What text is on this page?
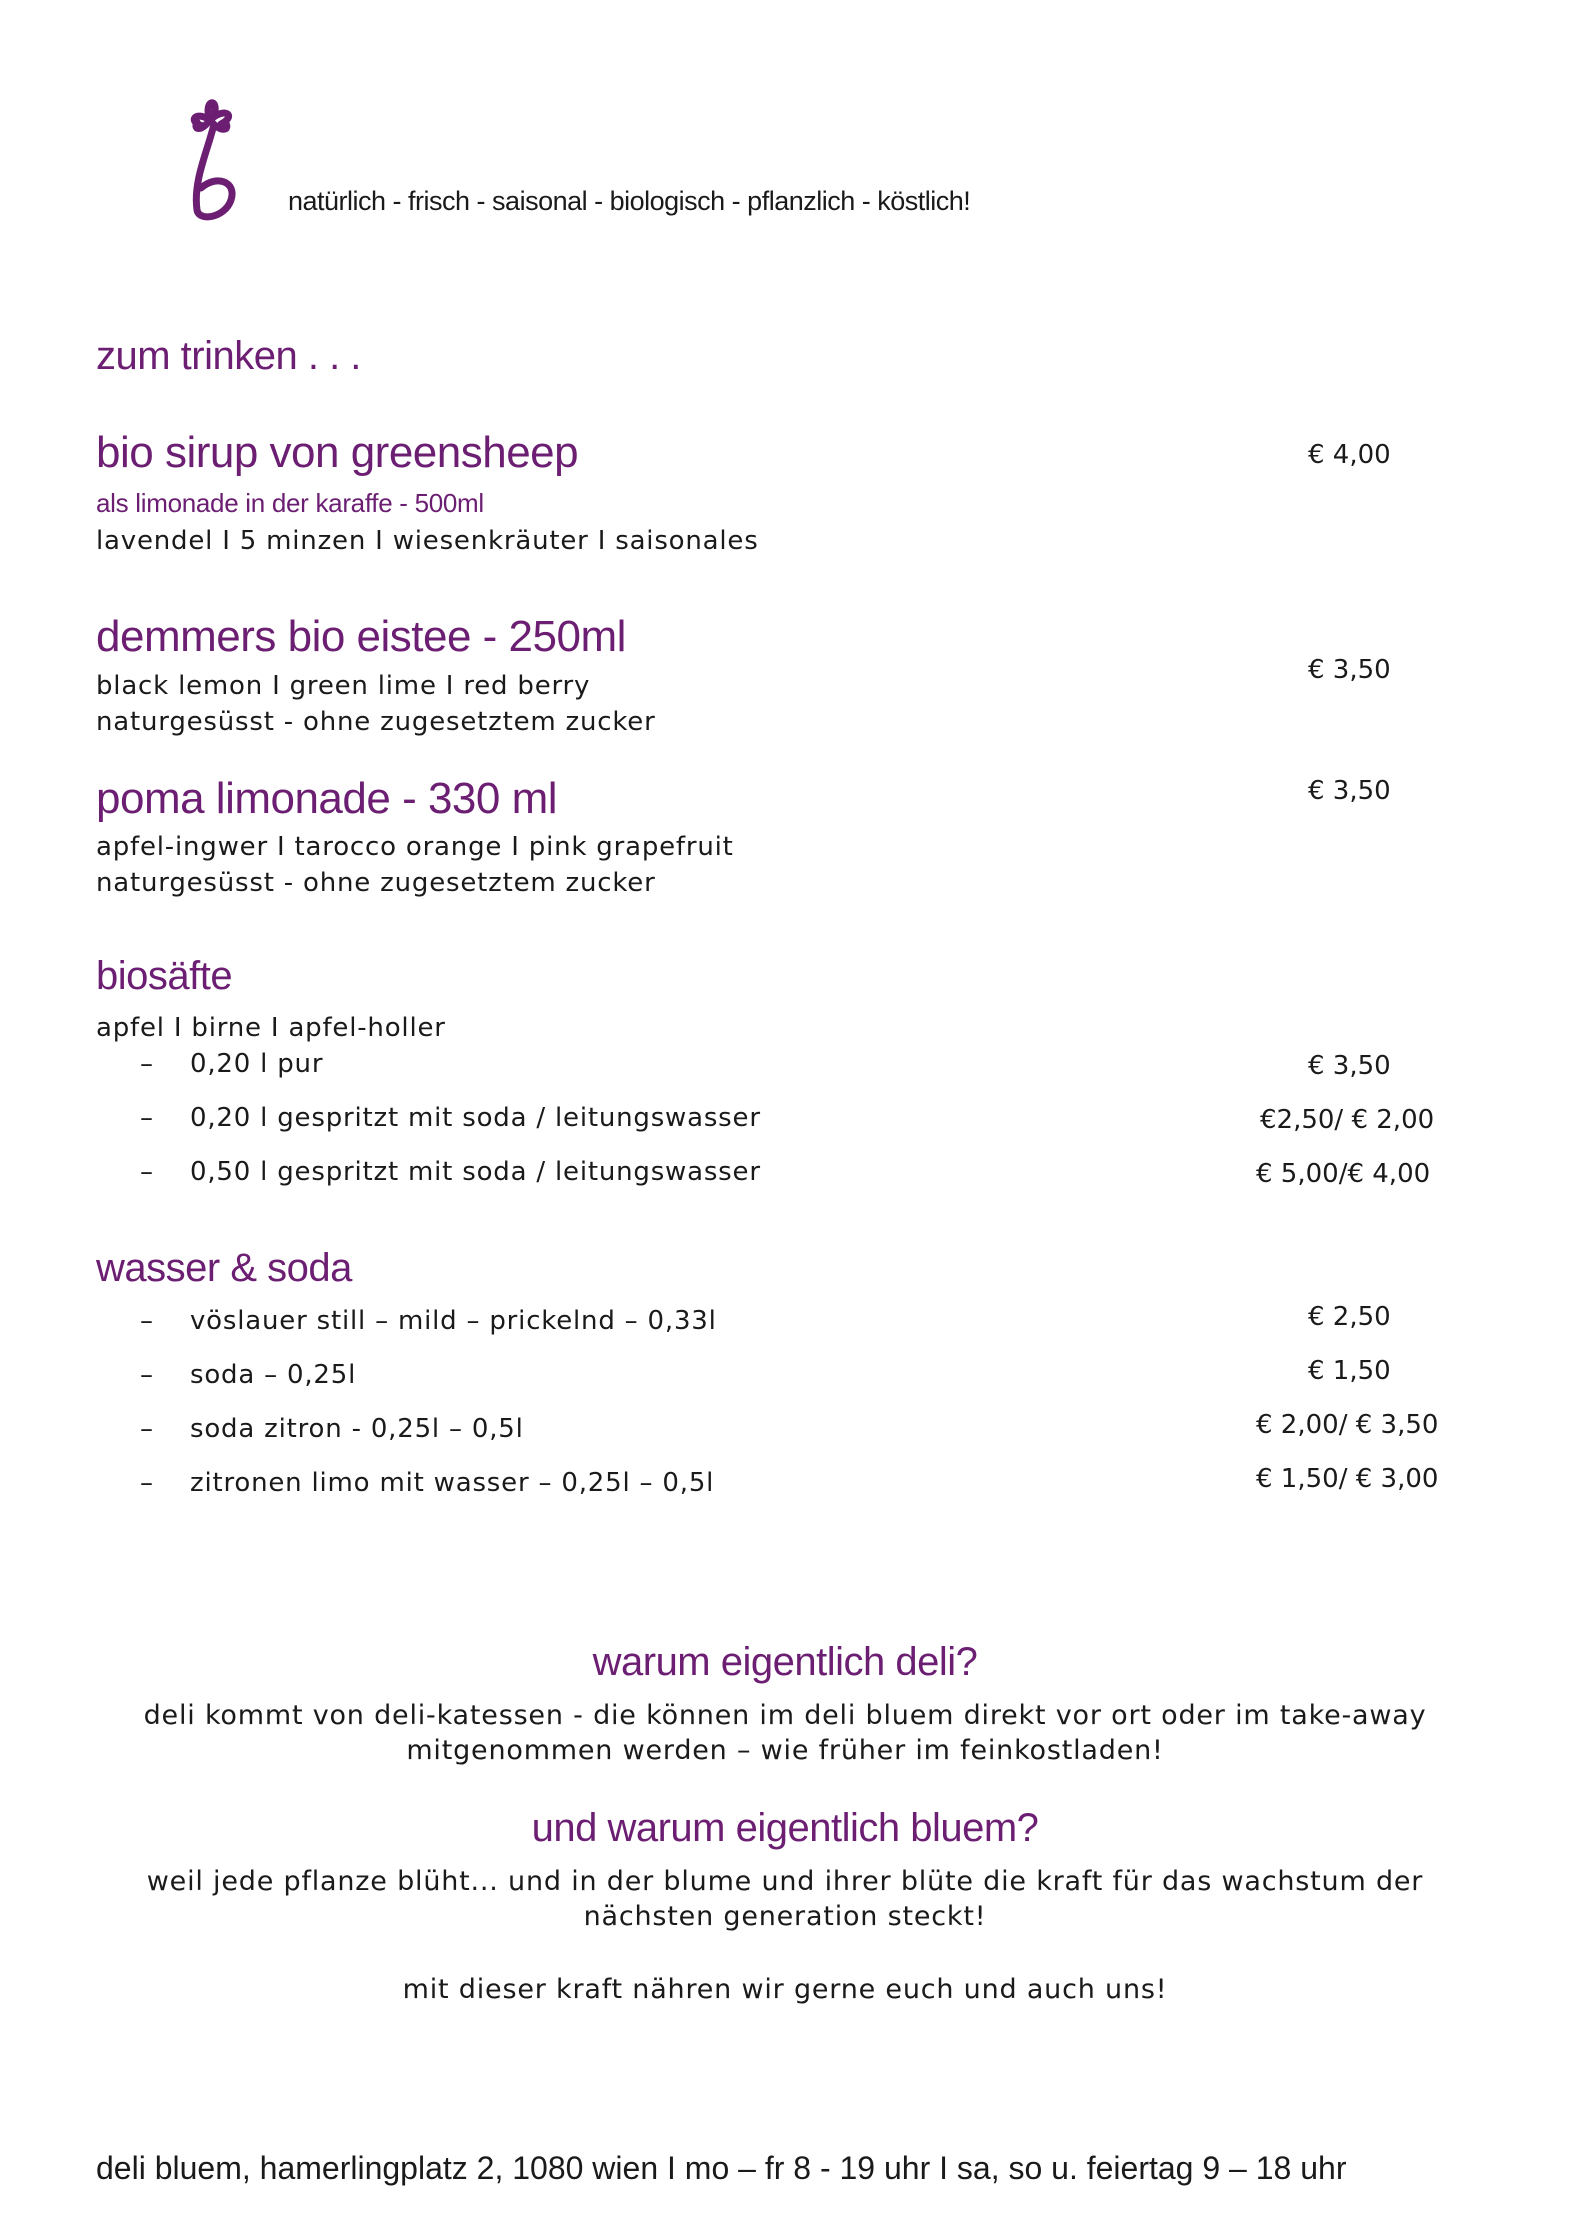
natürlich - frisch - saisonal - biologisch - pflanzlich - köstlich!
zum trinken . . .
bio sirup von greensheep
als limonade in der karaffe - 500ml
lavendel I 5 minzen I wiesenkräuter I saisonales
€ 4,00
demmers bio eistee - 250ml
black lemon I green lime I red berry
naturgesüsst - ohne zugesetztem zucker
€ 3,50
poma limonade - 330 ml
apfel-ingwer I tarocco orange I pink grapefruit
naturgesüsst - ohne zugesetztem zucker
€ 3,50
biosäfte
apfel I birne I apfel-holler
– 0,20 l pur	€ 3,50
– 0,20 l gespritzt mit soda / leitungswasser	€2,50/ € 2,00
– 0,50 l gespritzt mit soda / leitungswasser	€ 5,00/€ 4,00
wasser & soda
– vöslauer still – mild – prickelnd – 0,33l	€ 2,50
– soda – 0,25l	€ 1,50
– soda zitron - 0,25l – 0,5l	€ 2,00/ € 3,50
– zitronen limo mit wasser – 0,25l – 0,5l	€ 1,50/ € 3,00
warum eigentlich deli?
deli kommt von deli-katessen - die können im deli bluem direkt vor ort oder im take-away
mitgenommen werden – wie früher im feinkostladen!
und warum eigentlich bluem?
weil jede pflanze blüht... und in der blume und ihrer blüte die kraft für das wachstum der
nächsten generation steckt!
mit dieser kraft nähren wir gerne euch und auch uns!
deli bluem, hamerlingplatz 2, 1080 wien I mo – fr 8 - 19 uhr I sa, so u. feiertag 9 – 18 uhr
